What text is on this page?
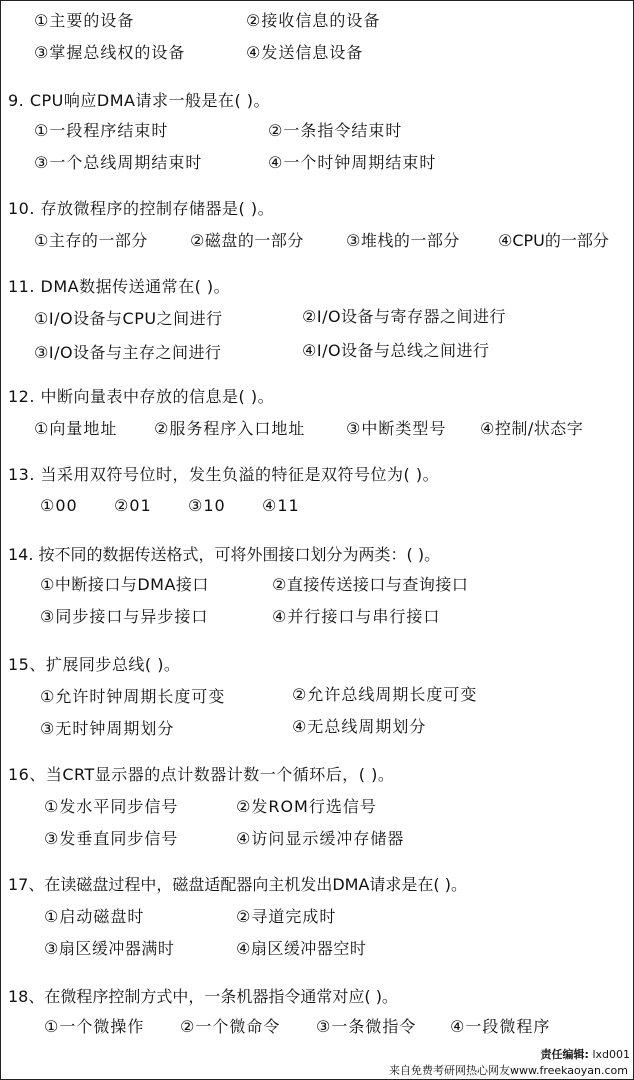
①主要的设备	②接收信息的设备
③掌握总线权的设备	④发送信息设备
9. CPU响应DMA请求一般是在( )。
①一段程序结束时	②一条指令结束时
③一个总线周期结束时	④一个时钟周期结束时
10. 存放微程序的控制存储器是( )。
①主存的一部分	②磁盘的一部分	③堆栈的一部分 ④CPU的一部分
11. DMA数据传送通常在( )。
①I/O设备与CPU之间进行	②I/O设备与寄存器之间进行
③I/O设备与主存之间进行	④I/O设备与总线之间进行
12. 中断向量表中存放的信息是( )。
①向量地址 ②服务程序入口地址	③中断类型号 ④控制/状态字
13. 当采用双符号位时，发生负溢的特征是双符号位为( )。
①00 ②01 ③10 ④11
14. 按不同的数据传送格式，可将外围接口划分为两类：( )。
①中断接口与DMA接口	②直接传送接口与查询接口
③同步接口与异步接口	④并行接口与串行接口
15、扩展同步总线( )。
①允许时钟周期长度可变	②允许总线周期长度可变
③无时钟周期划分	④无总线周期划分
16、当CRT显示器的点计数器计数一个循环后，( )。
①发水平同步信号	②发ROM行选信号
③发垂直同步信号	④访问显示缓冲存储器
17、在读磁盘过程中，磁盘适配器向主机发出DMA请求是在( )。
①启动磁盘时	②寻道完成时
③扇区缓冲器满时	④扇区缓冲器空时
18、在微程序控制方式中，一条机器指令通常对应( )。
①一个微操作 ②一个微命令 ③一条微指令 ④一段微程序
责任编辑: lxd001
来自免费考研网热心网友www.freekaoyan.com
